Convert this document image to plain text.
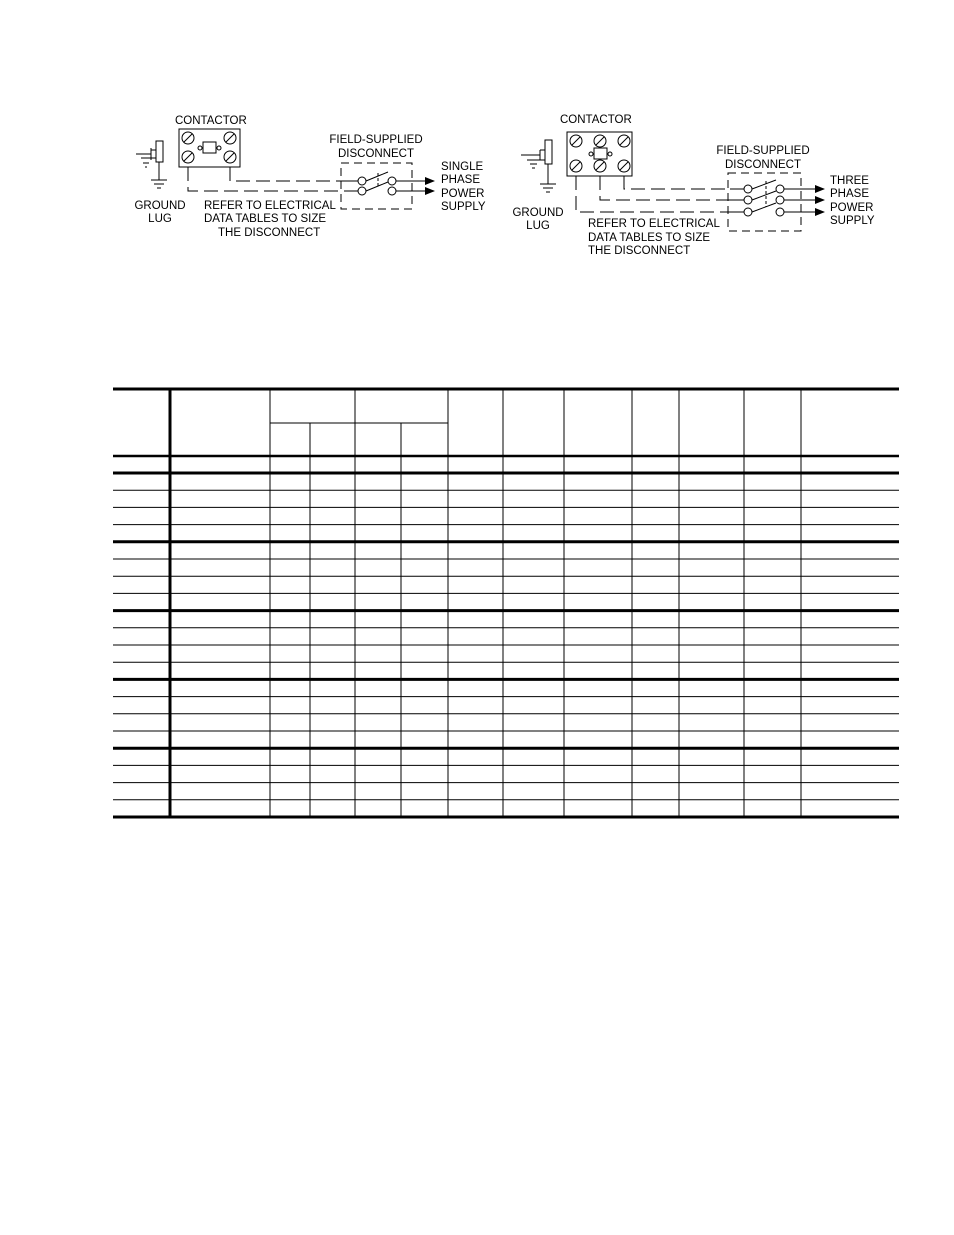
CONTACTOR
GROUND
LUG
FIELD-SUPPLIED
DISCONNECT
SINGLE
PHASE
POWER
SUPPLY
REFER TO ELECTRICAL
DATA TABLES TO SIZE
THE DISCONNECT
CONTACTOR
GROUND
LUG
FIELD-SUPPLIED
DISCONNECT
THREE
PHASE
POWER
SUPPLY
REFER TO ELECTRICAL
DATA TABLES TO SIZE
THE DISCONNECT
